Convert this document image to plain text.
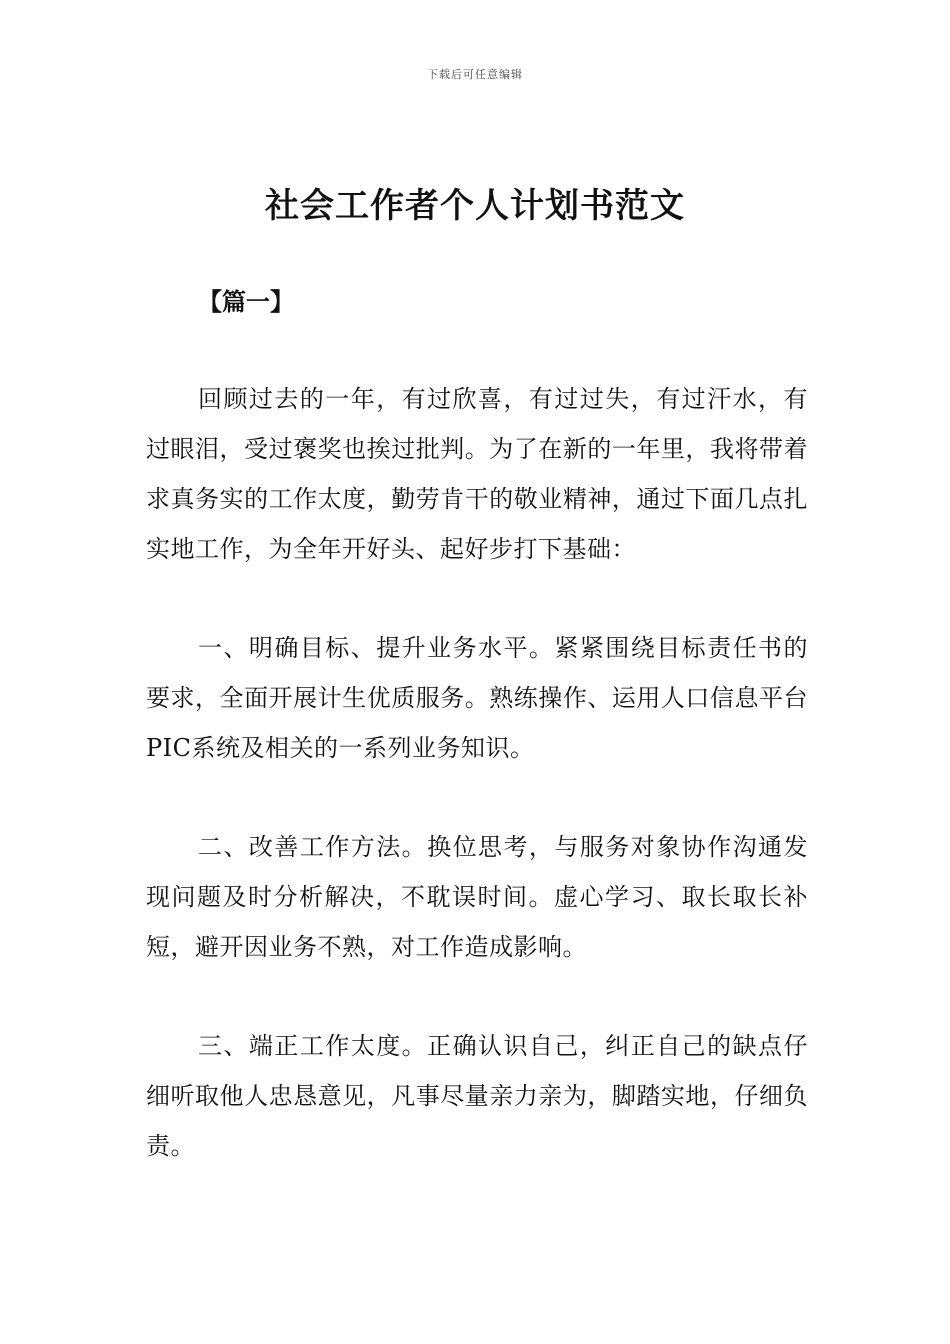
下载后可任意编辑
社会工作者个人计划书范文

【篇一】

回顾过去的一年，有过欣喜，有过过失，有过汗水，有过眼泪，受过褒奖也挨过批判。为了在新的一年里，我将带着求真务实的工作太度，勤劳肯干的敬业精神，通过下面几点扎实地工作，为全年开好头、起好步打下基础：

一、明确目标、提升业务水平。紧紧围绕目标责任书的要求，全面开展计生优质服务。熟练操作、运用人口信息平台PIC系统及相关的一系列业务知识。

二、改善工作方法。换位思考，与服务对象协作沟通发现问题及时分析解决，不耽误时间。虚心学习、取长取长补短，避开因业务不熟，对工作造成影响。

三、端正工作太度。正确认识自己，纠正自己的缺点仔细听取他人忠恳意见，凡事尽量亲力亲为，脚踏实地，仔细负责。
